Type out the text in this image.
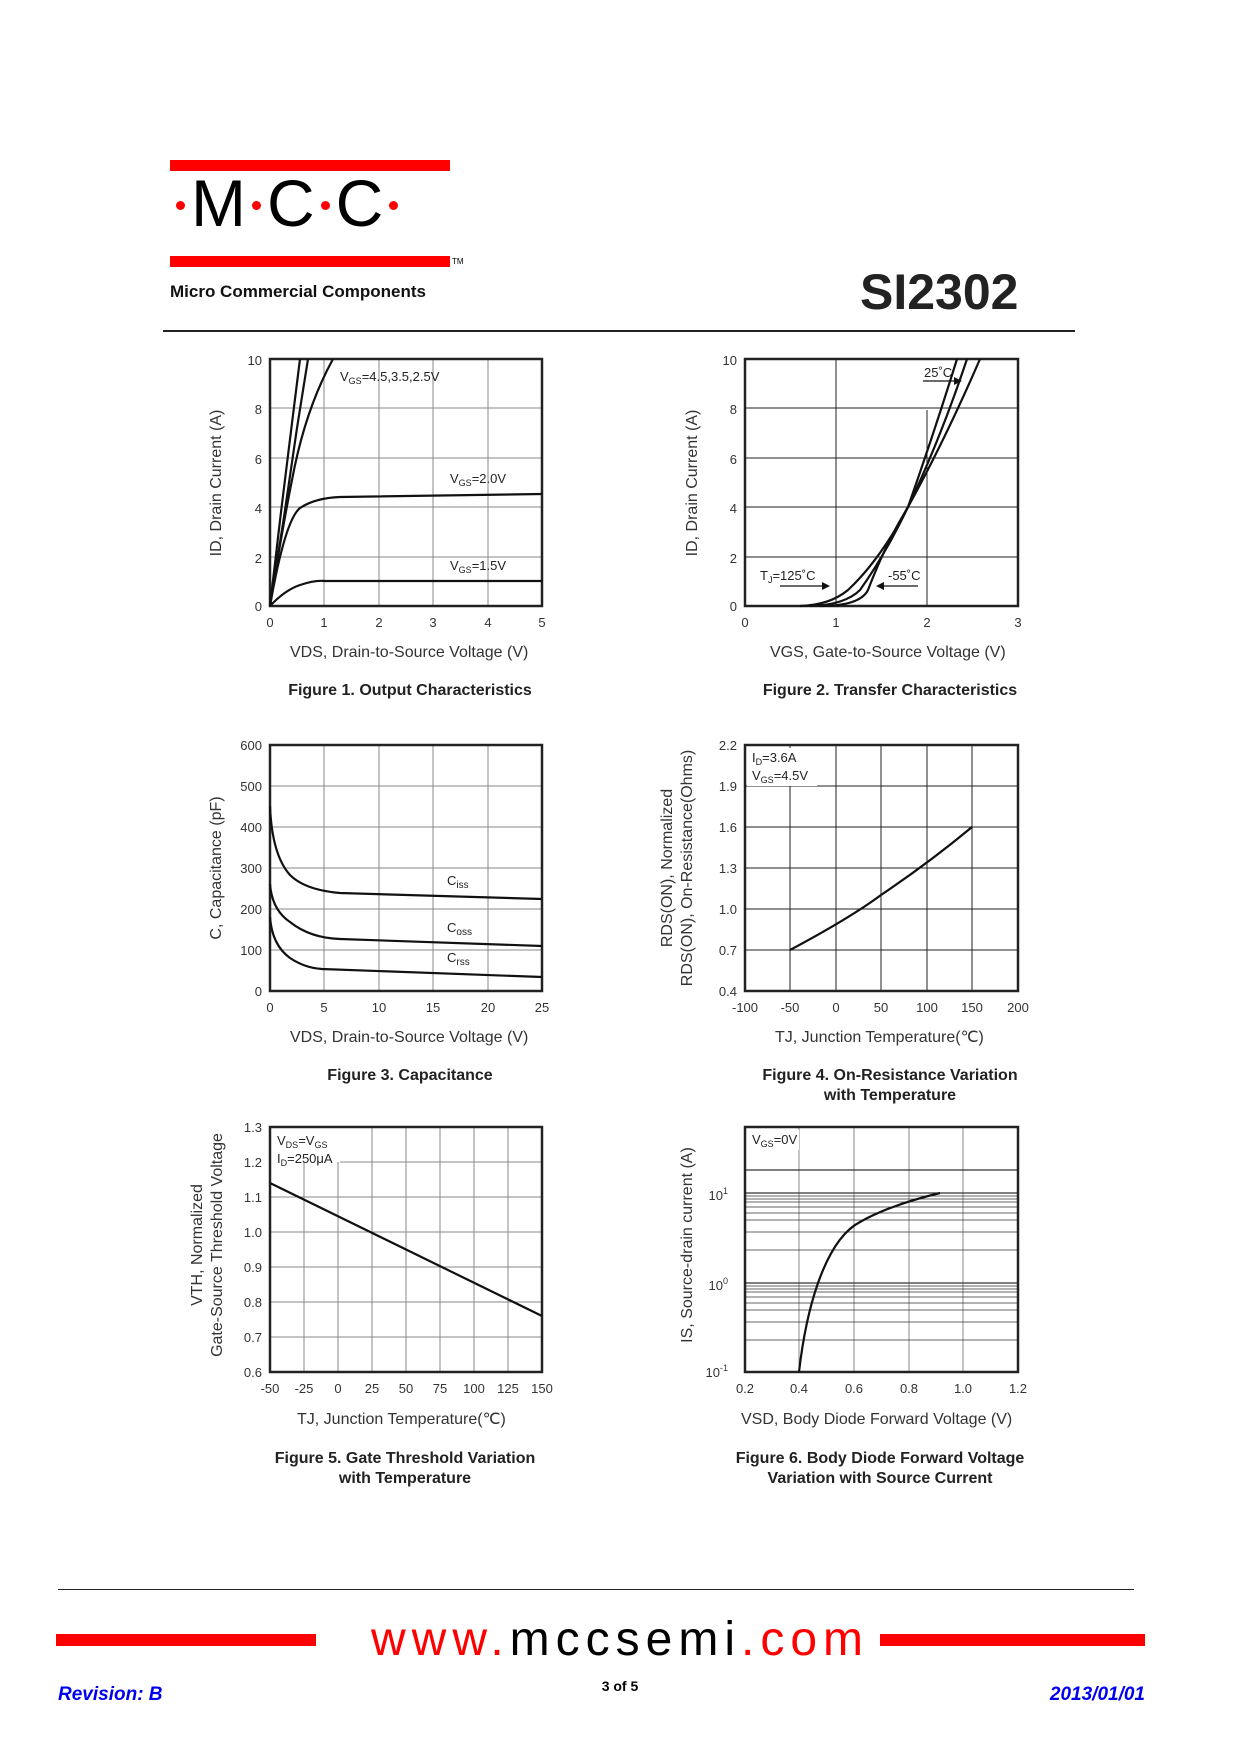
M C C
TM
Micro Commercial Components	SI2302
10
8
6
4
2
0
0	1	2	3	4	5
$V_{GS}=4.5,3.5,2.5V$
$V_{GS}=2.0V$
$V_{GS}=1.5V$
VDS, Drain-to-Source Voltage (V)
ID, Drain Current (A)
Figure 1. Output Characteristics
10
8
6
4
2
0
0	1	2	3
25˚C
$T_J=125˚C$	-55˚C
VGS, Gate-to-Source Voltage (V)
ID, Drain Current (A)
Figure 2. Transfer Characteristics
600
500
400
300
200
100
0
0	5	10	15	20	25
$C_{iss}$
$C_{oss}$
$C_{rss}$
VDS, Drain-to-Source Voltage (V)
C, Capacitance (pF)
Figure 3. Capacitance
2.2
1.9
1.6
1.3
1.0
0.7
0.4
-100 -50	0	50 100 150 200
$I_D=3.6A$
$V_{GS}=4.5V$
TJ, Junction Temperature(℃)
RDS(ON), Normalized RDS(ON), On-Resistance(Ohms)
Figure 4. On-Resistance Variation
with Temperature
1.3
1.2
1.1
1.0
0.9
0.8
0.7
0.6
-50 -25 0 25 50 75 100 125 150
$V_{DS}=V_{GS}$
$I_D=250\mu A$
TJ, Junction Temperature(℃)
VTH, Normalized Gate-Source Threshold Voltage
Figure 5. Gate Threshold Variation
with Temperature
$10^1$
$10^0$
$10^{-1}$
0.2	0.4	0.6	0.8	1.0	1.2
$V_{GS}=0V$
VSD, Body Diode Forward Voltage (V)
IS, Source-drain current (A)
Figure 6. Body Diode Forward Voltage
Variation with Source Current
www.mccsemi.com
3 of 5
Revision: B	2013/01/01
